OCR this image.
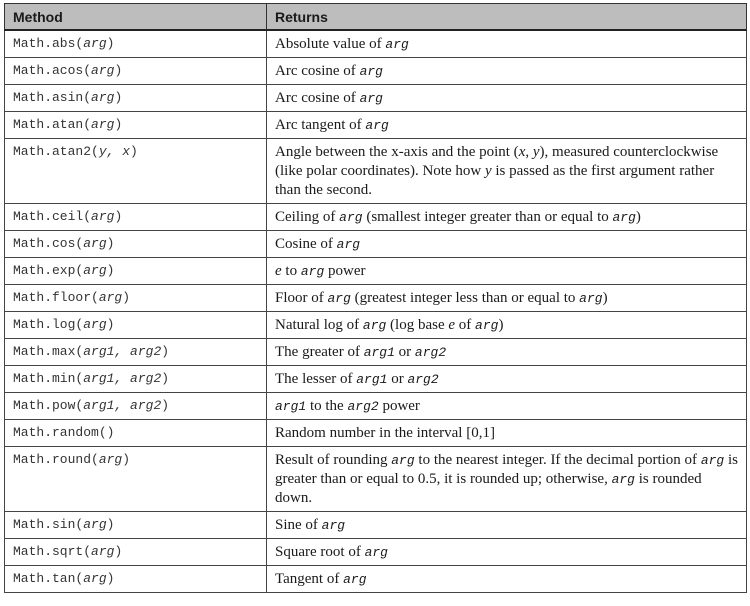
Method	Returns
Math.abs(arg)	Absolute value of arg
Math.acos(arg)	Arc cosine of arg
Math.asin(arg)	Arc cosine of arg
Math.atan(arg)	Arc tangent of arg
Math.atan2(y, x)	Angle between the x-axis and the point (x, y), measured counterclockwise (like polar coordinates). Note how y is passed as the first argument rather than the second.
Math.ceil(arg)	Ceiling of arg (smallest integer greater than or equal to arg)
Math.cos(arg)	Cosine of arg
Math.exp(arg)	e to arg power
Math.floor(arg)	Floor of arg (greatest integer less than or equal to arg)
Math.log(arg)	Natural log of arg (log base e of arg)
Math.max(arg1, arg2)	The greater of arg1 or arg2
Math.min(arg1, arg2)	The lesser of arg1 or arg2
Math.pow(arg1, arg2)	arg1 to the arg2 power
Math.random()	Random number in the interval [0,1]
Math.round(arg)	Result of rounding arg to the nearest integer. If the decimal portion of arg is greater than or equal to 0.5, it is rounded up; otherwise, arg is rounded down.
Math.sin(arg)	Sine of arg
Math.sqrt(arg)	Square root of arg
Math.tan(arg)	Tangent of arg
